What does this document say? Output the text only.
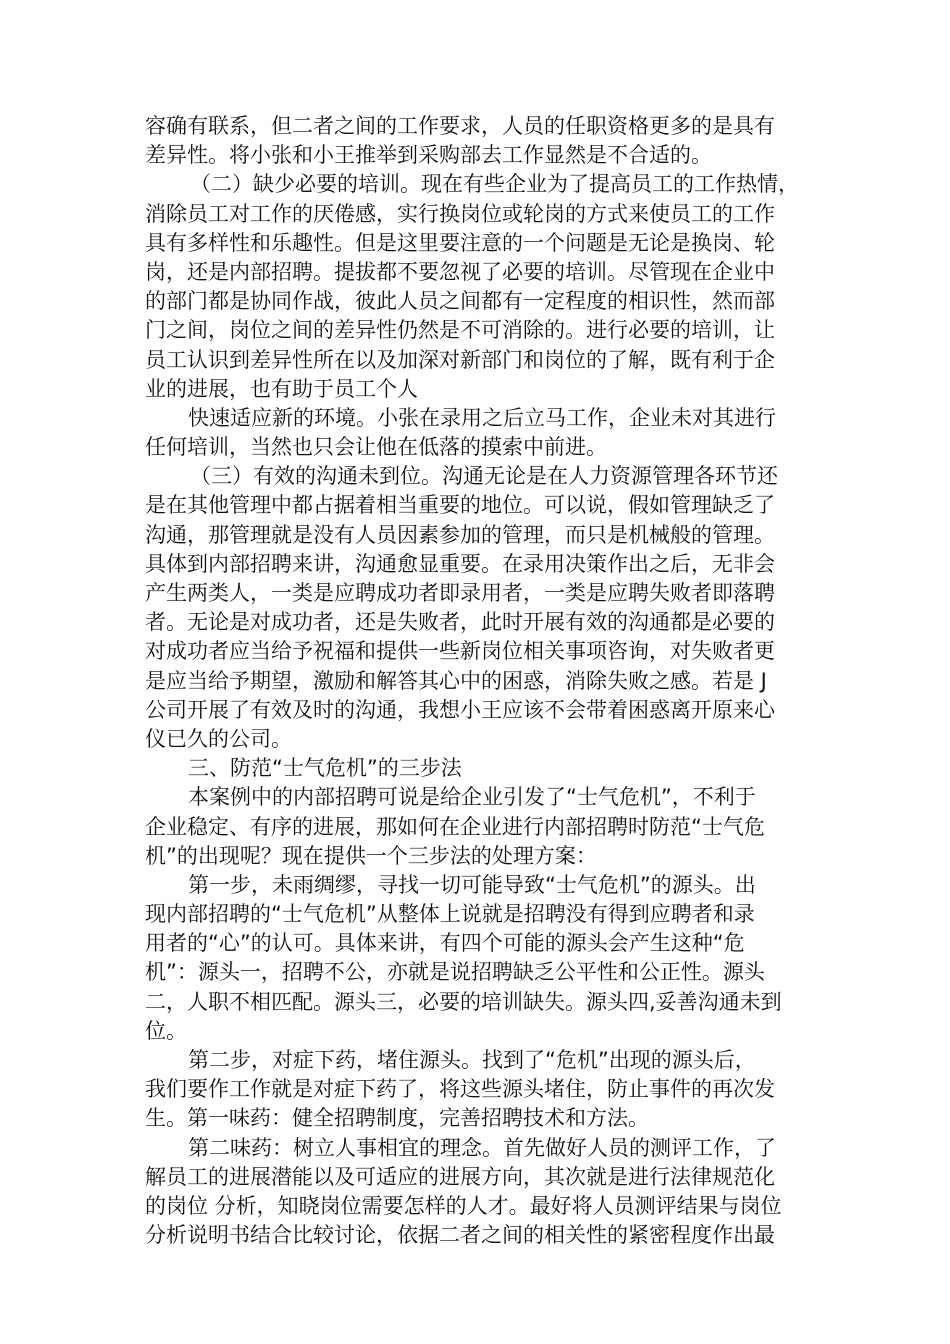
容确有联系，但二者之间的工作要求，人员的任职资格更多的是具有
差异性。将小张和小王推举到采购部去工作显然是不合适的。
（二）缺少必要的培训。现在有些企业为了提高员工的工作热情，
消除员工对工作的厌倦感，实行换岗位或轮岗的方式来使员工的工作
具有多样性和乐趣性。但是这里要注意的一个问题是无论是换岗、轮
岗，还是内部招聘。提拔都不要忽视了必要的培训。尽管现在企业中
的部门都是协同作战，彼此人员之间都有一定程度的相识性，然而部
门之间，岗位之间的差异性仍然是不可消除的。进行必要的培训，让
员工认识到差异性所在以及加深对新部门和岗位的了解，既有利于企
业的进展，也有助于员工个人
快速适应新的环境。小张在录用之后立马工作，企业未对其进行
任何培训，当然也只会让他在低落的摸索中前进。
（三）有效的沟通未到位。沟通无论是在人力资源管理各环节还
是在其他管理中都占据着相当重要的地位。可以说，假如管理缺乏了
沟通，那管理就是没有人员因素参加的管理，而只是机械般的管理。
具体到内部招聘来讲，沟通愈显重要。在录用决策作出之后，无非会
产生两类人，一类是应聘成功者即录用者，一类是应聘失败者即落聘
者。无论是对成功者，还是失败者，此时开展有效的沟通都是必要的
对成功者应当给予祝福和提供一些新岗位相关事项咨询，对失败者更
是应当给予期望，激励和解答其心中的困惑，消除失败之感。若是 J
公司开展了有效及时的沟通，我想小王应该不会带着困惑离开原来心
仪已久的公司。
三、防范“士气危机”的三步法
本案例中的内部招聘可说是给企业引发了“士气危机”，不利于
企业稳定、有序的进展，那如何在企业进行内部招聘时防范“士气危
机”的出现呢？现在提供一个三步法的处理方案：
第一步，未雨绸缪，寻找一切可能导致“士气危机”的源头。出
现内部招聘的“士气危机”从整体上说就是招聘没有得到应聘者和录
用者的“心”的认可。具体来讲，有四个可能的源头会产生这种“危
机”：源头一，招聘不公，亦就是说招聘缺乏公平性和公正性。源头
二，人职不相匹配。源头三，必要的培训缺失。源头四,妥善沟通未到
位。
第二步，对症下药，堵住源头。找到了“危机”出现的源头后，
我们要作工作就是对症下药了，将这些源头堵住，防止事件的再次发
生。第一味药：健全招聘制度，完善招聘技术和方法。
第二味药：树立人事相宜的理念。首先做好人员的测评工作，了
解员工的进展潜能以及可适应的进展方向，其次就是进行法律规范化
的岗位 分析，知晓岗位需要怎样的人才。最好将人员测评结果与岗位
分析说明书结合比较讨论，依据二者之间的相关性的紧密程度作出最
